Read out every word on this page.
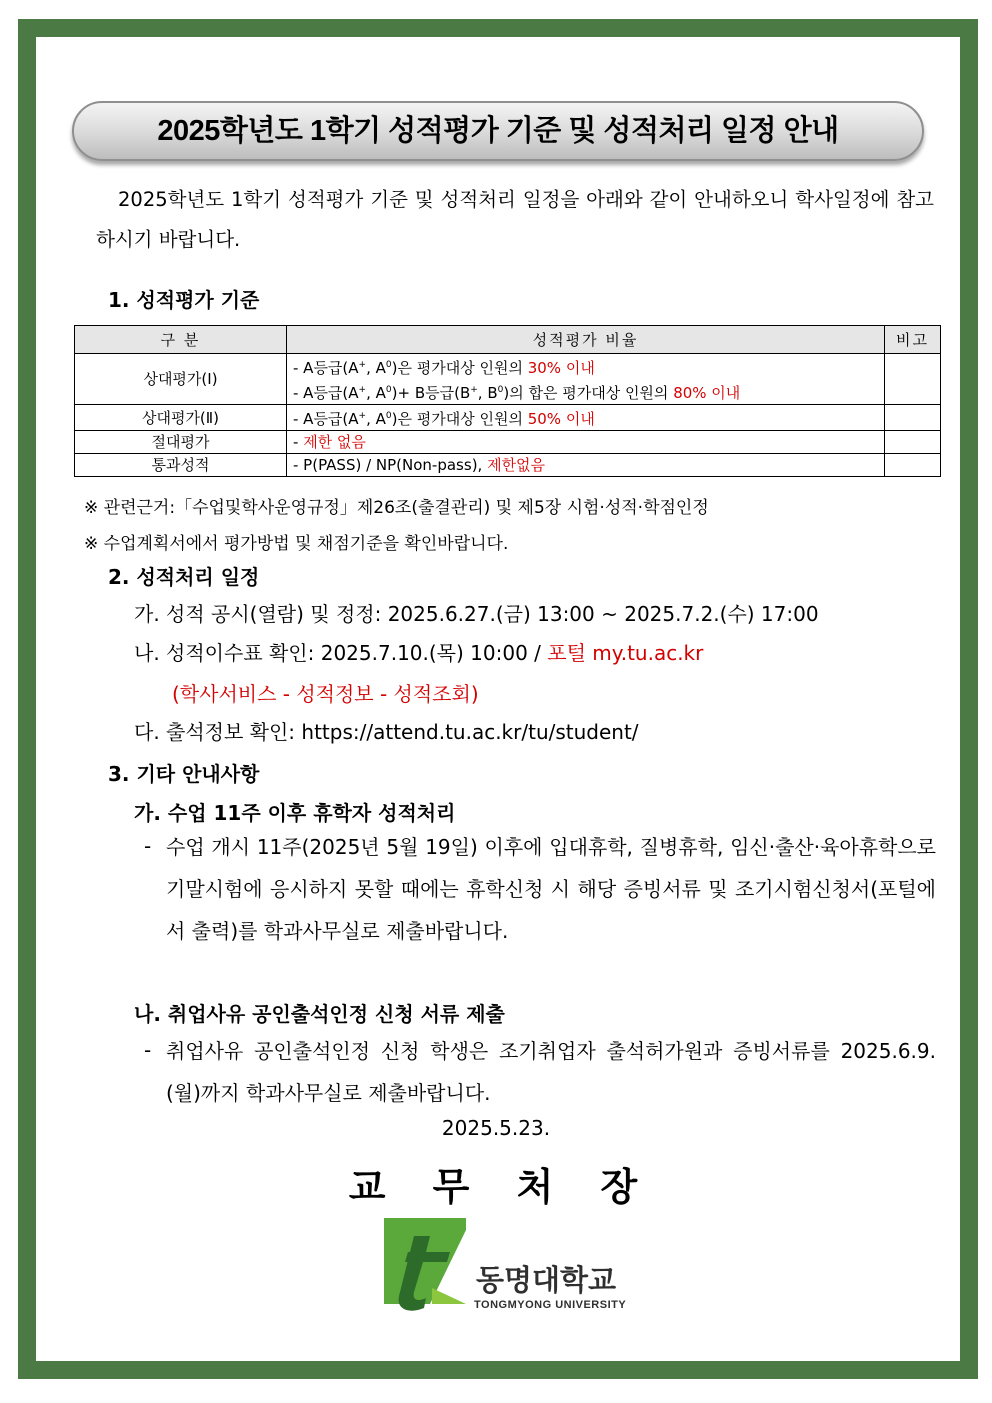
2025학년도 1학기 성적평가 기준 및 성적처리 일정 안내
2025학년도 1학기 성적평가 기준 및 성적처리 일정을 아래와 같이 안내하오니 학사일정에 참고하시기 바랍니다.
1. 성적평가 기준
구 분	성적평가 비율	비고
상대평가(Ⅰ)	- A등급(A+, $A^0$)은 평가대상 인원의 30% 이내
- A등급(A+, $A^0)+ B$등급(B+, $B^0$)의 합은 평가대상 인원의 80% 이내	

상대평가(Ⅱ)	- A등급(A+, $A^0$)은 평가대상 인원의 50% 이내	
절대평가	- 제한 없음	
통과성적	- P(PASS) / NP(Non-pass), 제한없음	
※ 관련근거:「수업및학사운영규정」제26조(출결관리) 및 제5장 시험·성적·학점인정
※ 수업계획서에서 평가방법 및 채점기준을 확인바랍니다.
2. 성적처리 일정
가. 성적 공시(열람) 및 정정: 2025.6.27.(금) 13:00 ~ 2025.7.2.(수) 17:00
나. 성적이수표 확인: 2025.7.10.(목) 10:00 / 포털 my.tu.ac.kr
(학사서비스 - 성적정보 - 성적조회)
다. 출석정보 확인: https://attend.tu.ac.kr/tu/student/
3. 기타 안내사항
가. 수업 11주 이후 휴학자 성적처리
- 수업 개시 11주(2025년 5월 19일) 이후에 입대휴학, 질병휴학, 임신·출산·육아휴학으로 기말시험에 응시하지 못할 때에는 휴학신청 시 해당 증빙서류 및 조기시험신청서(포털에서 출력)를 학과사무실로 제출바랍니다.
나. 취업사유 공인출석인정 신청 서류 제출
- 취업사유 공인출석인정 신청 학생은 조기취업자 출석허가원과 증빙서류를 2025.6.9.(월)까지 학과사무실로 제출바랍니다.
2025.5.23.
교 무 처 장
동명대학교
TONGMYONG UNIVERSITY
